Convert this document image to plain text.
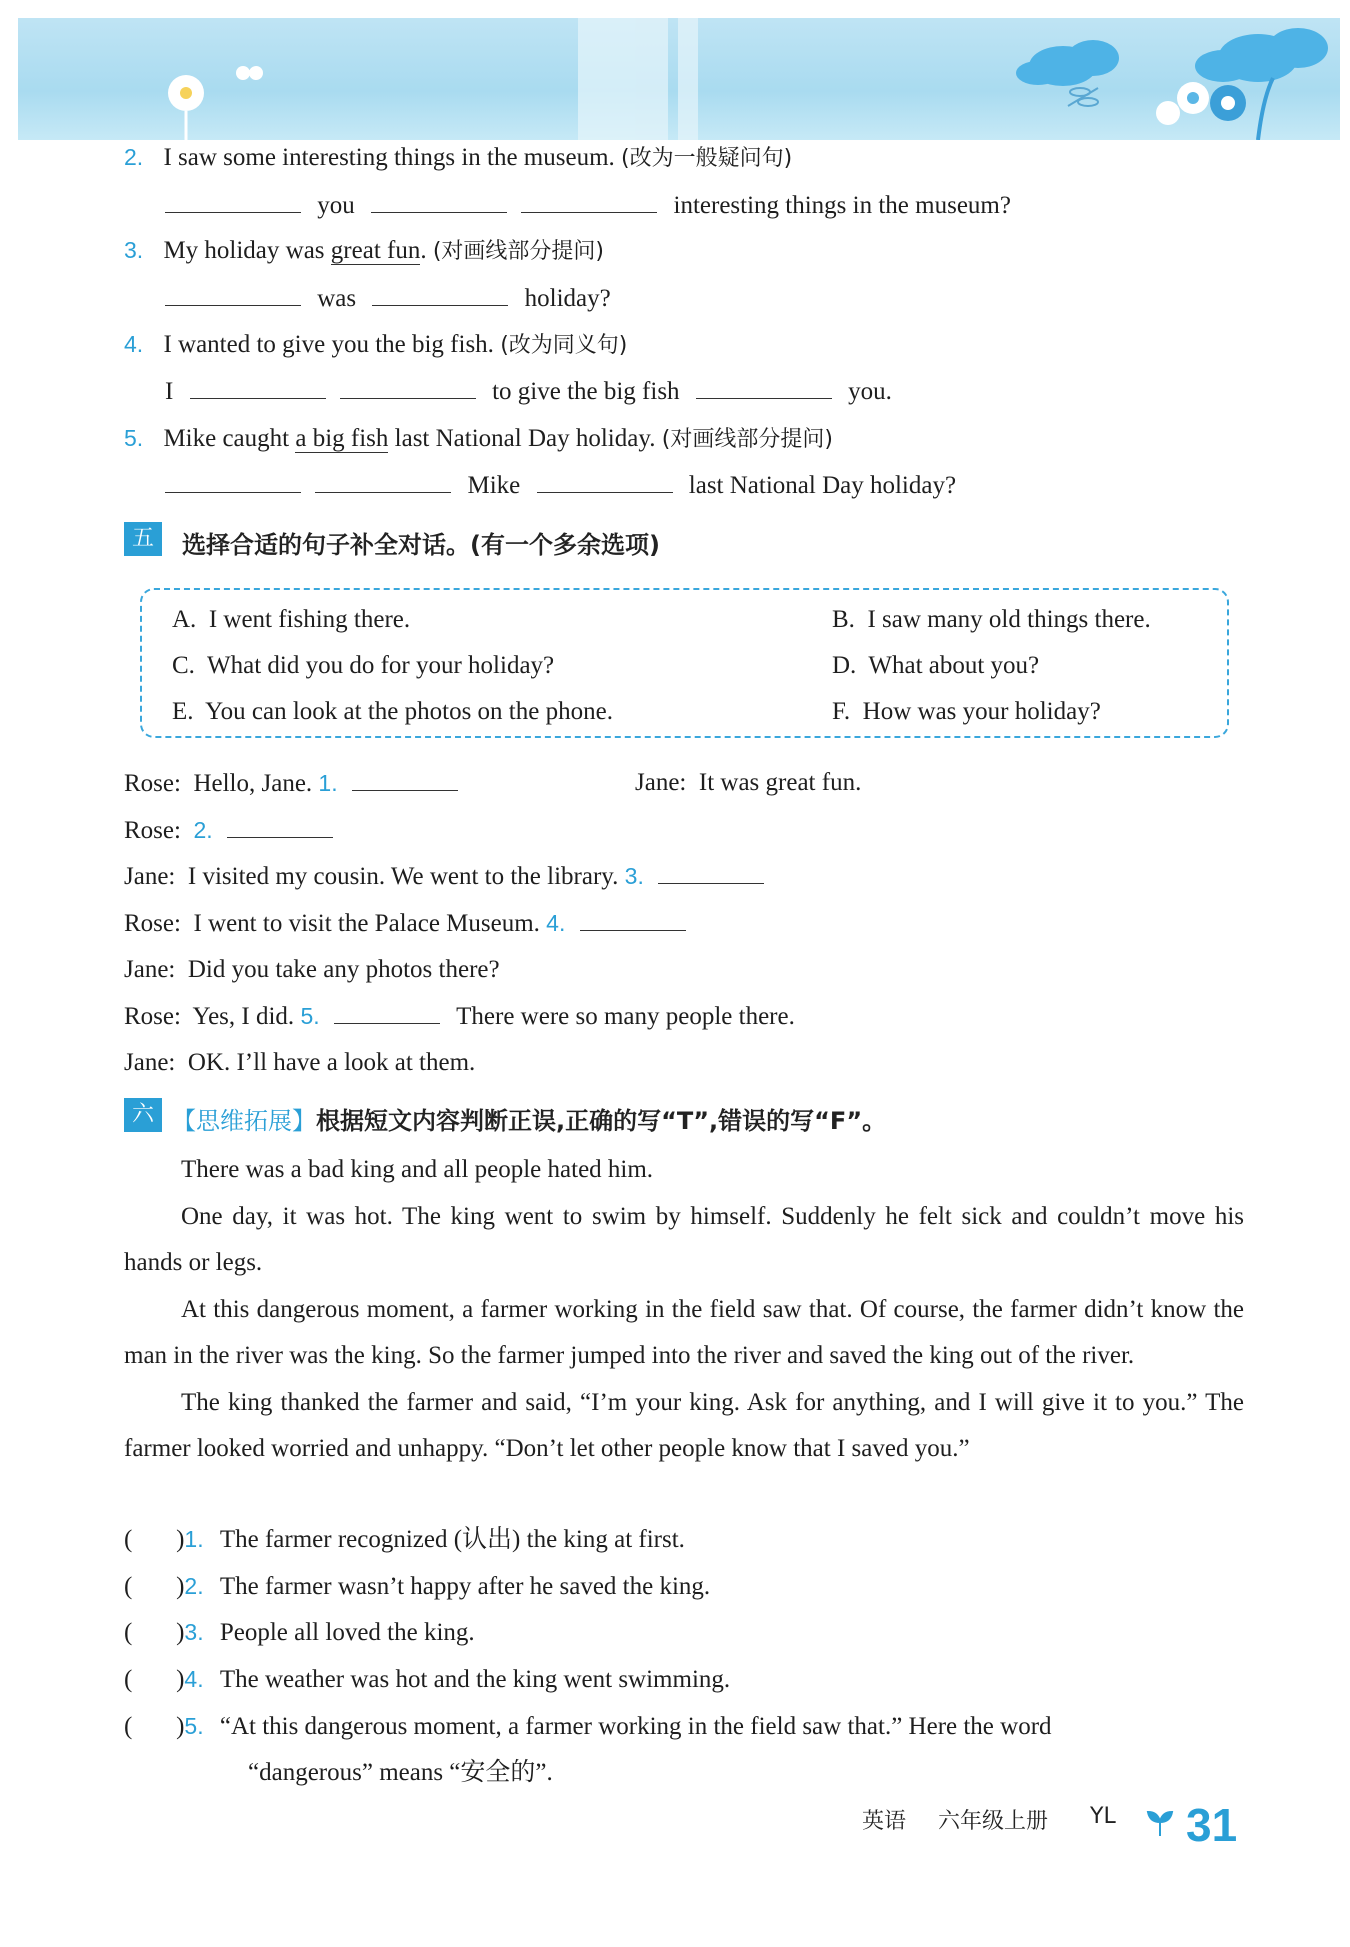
2. I saw some interesting things in the museum. (改为一般疑问句)
you	interesting things in the museum?
3. My holiday was great fun. (对画线部分提问)
was	holiday?
4. I wanted to give you the big fish. (改为同义句)
I	to give the big fish	you.
5. Mike caught a big fish last National Day holiday. (对画线部分提问)
Mike	last National Day holiday?
五	选择合适的句子补全对话。(有一个多余选项)
A. I went fishing there.	B. I saw many old things there.
C. What did you do for your holiday?	D. What about you?
E. You can look at the photos on the phone.	F. How was your holiday?
Rose: Hello, Jane. 1.	Jane: It was great fun.
Rose: 2.
Jane: I visited my cousin. We went to the library. 3.
Rose: I went to visit the Palace Museum. 4.
Jane: Did you take any photos there?
Rose: Yes, I did. 5.	There were so many people there.
Jane: OK. I’ll have a look at them.
六 【思维拓展】根据短文内容判断正误,正确的写“T”,错误的写“F”。

There was a bad king and all people hated him.

One day, it was hot. The king went to swim by himself. Suddenly he felt sick and couldn’t move his hands or legs.

At this dangerous moment, a farmer working in the field saw that. Of course, the farmer didn’t know the man in the river was the king. So the farmer jumped into the river and saved the king out of the river.

The king thanked the farmer and said, “I’m your king. Ask for anything, and I will give it to you.” The farmer looked worried and unhappy. “Don’t let other people know that I saved you.”

(       )1. The farmer recognized (认出) the king at first.
(       )2. The farmer wasn’t happy after he saved the king.
(       )3. People all loved the king.
(       )4. The weather was hot and the king went swimming.
(       )5. “At this dangerous moment, a farmer working in the field saw that.” Here the word
“dangerous” means “安全的”.
英语 六年级上册 YL 31
